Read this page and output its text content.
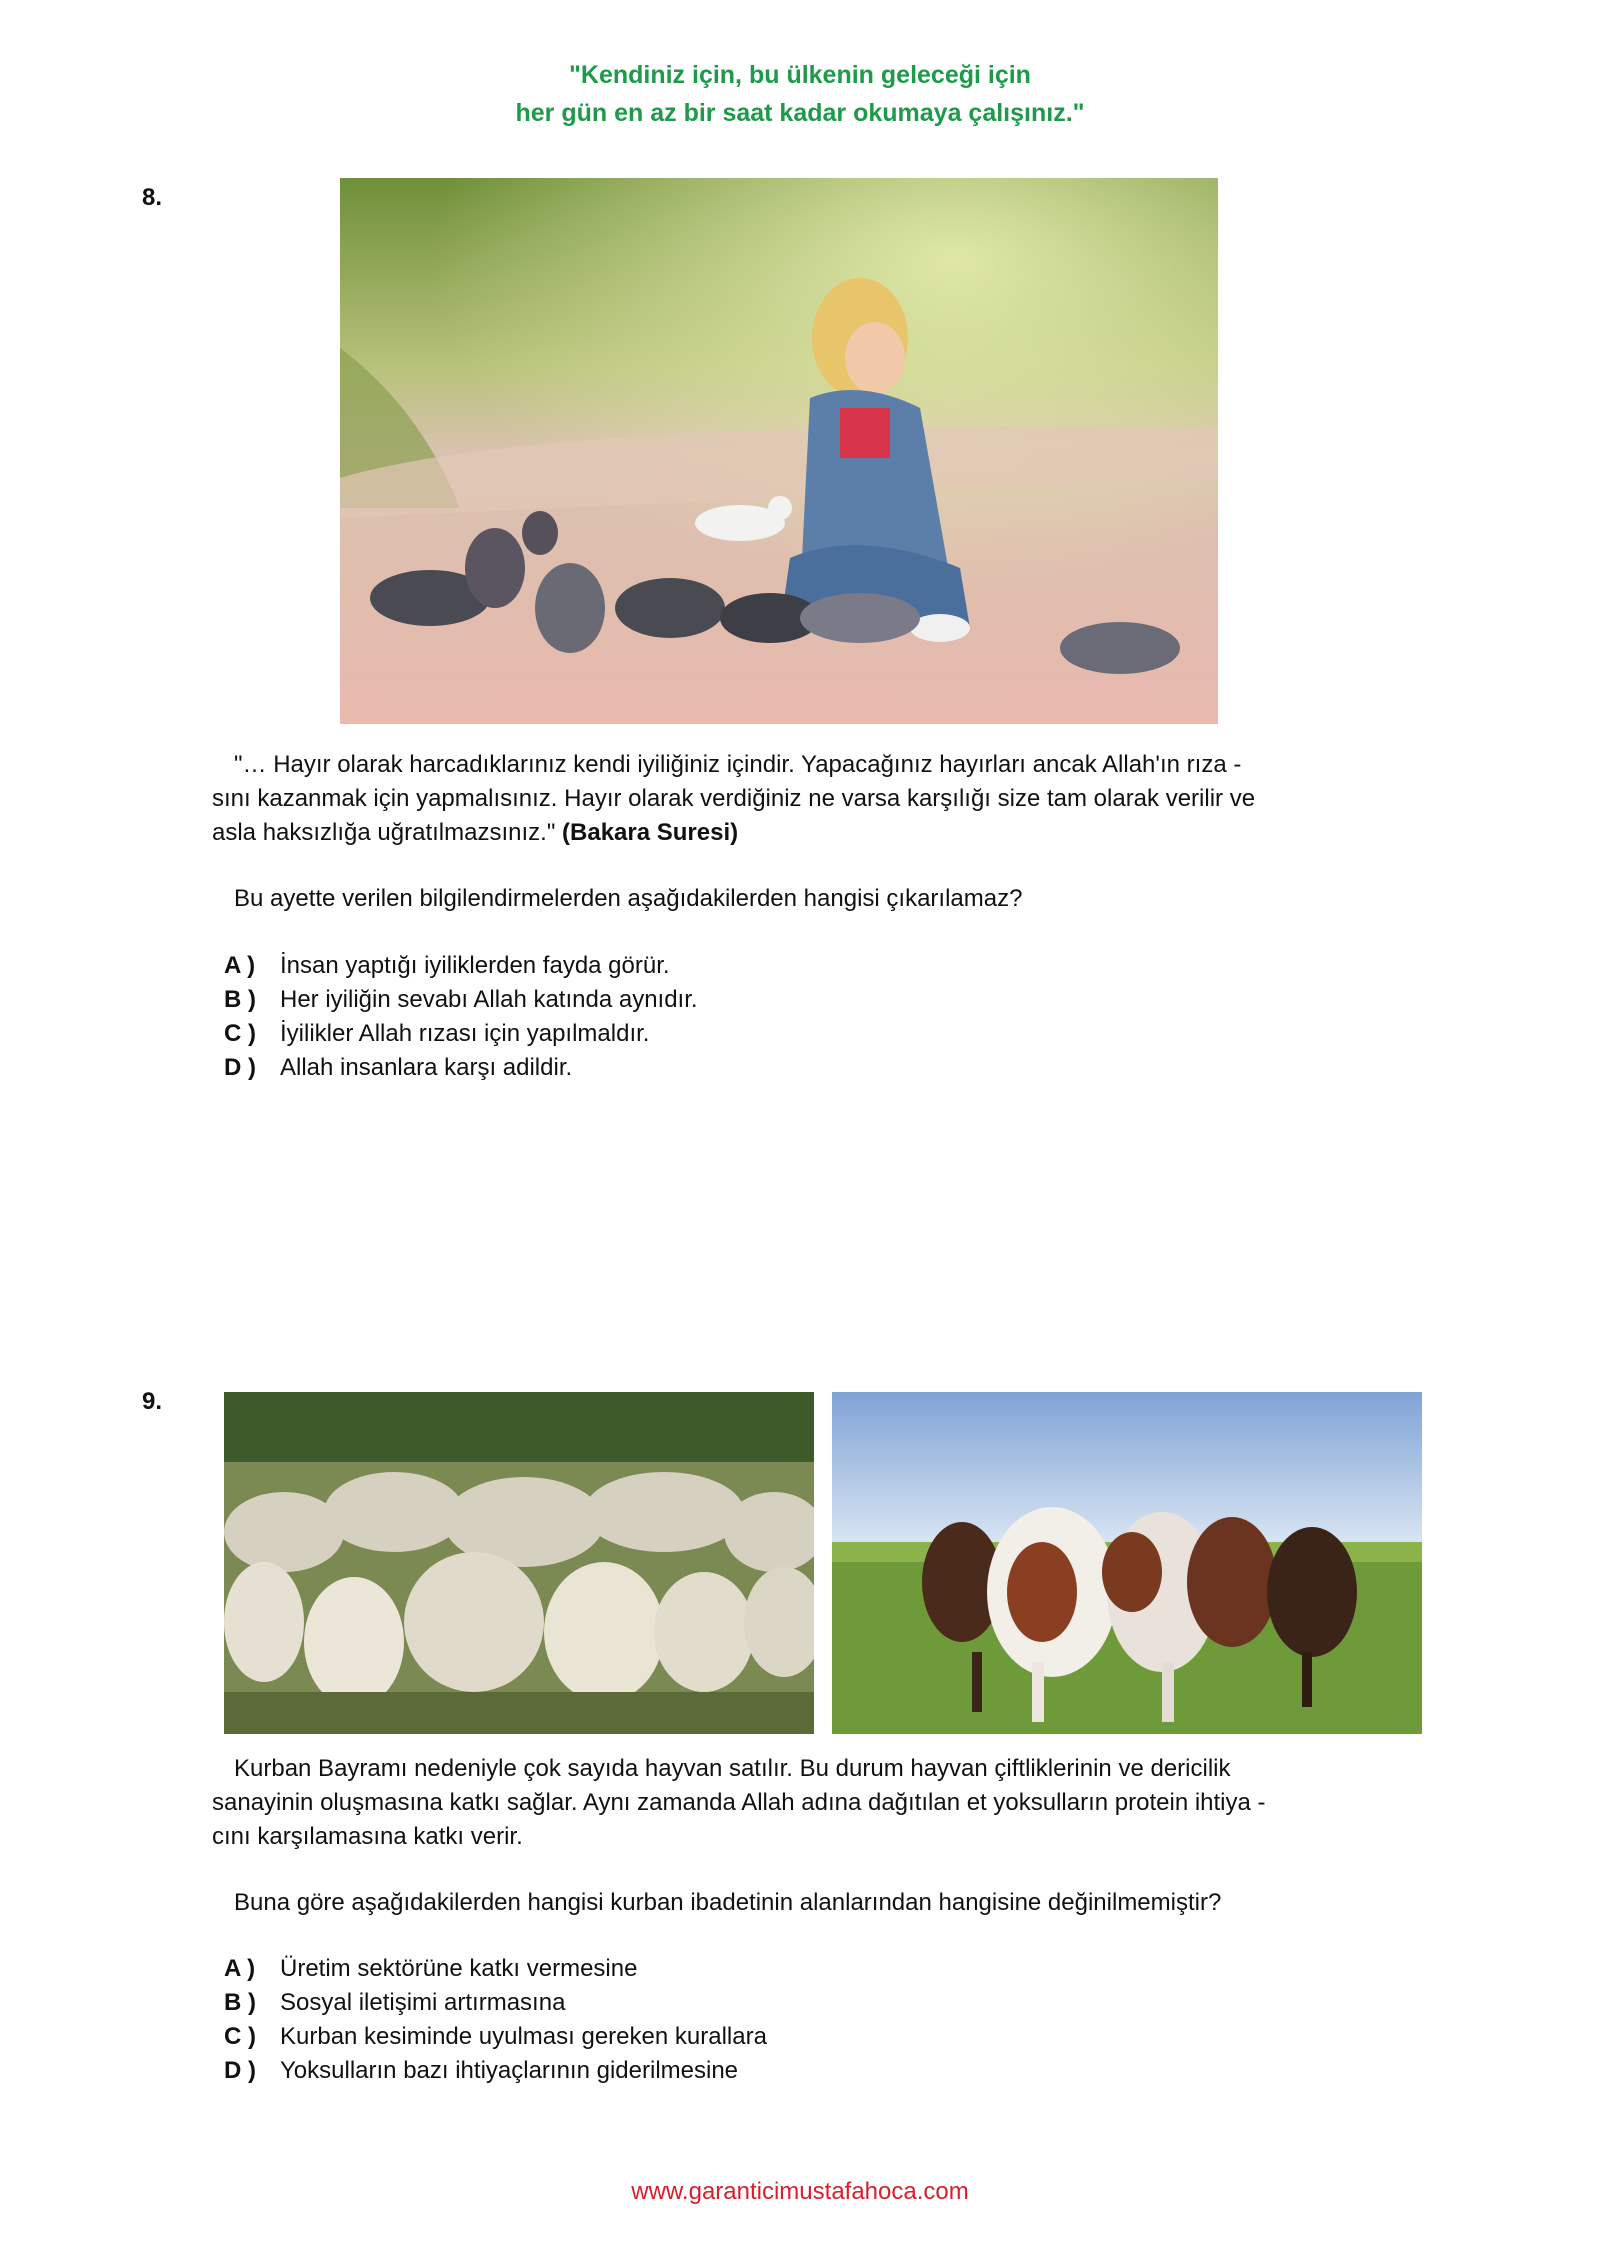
"Kendiniz için, bu ülkenin geleceği için
her gün en az bir saat kadar okumaya çalışınız."
8.
"… Hayır olarak harcadıklarınız kendi iyiliğiniz içindir. Yapacağınız hayırları ancak Allah'ın rıza -
sını kazanmak için yapmalısınız. Hayır olarak verdiğiniz ne varsa karşılığı size tam olarak verilir ve
asla haksızlığa uğratılmazsınız." (Bakara Suresi)
Bu ayette verilen bilgilendirmelerden aşağıdakilerden hangisi çıkarılamaz?
A )	İnsan yaptığı iyiliklerden fayda görür.
B )	Her iyiliğin sevabı Allah katında aynıdır.
C )	İyilikler Allah rızası için yapılmaldır.
D )	Allah insanlara karşı adildir.
9.
Kurban Bayramı nedeniyle çok sayıda hayvan satılır. Bu durum hayvan çiftliklerinin ve dericilik
sanayinin oluşmasına katkı sağlar. Aynı zamanda Allah adına dağıtılan et yoksulların protein ihtiya -
cını karşılamasına katkı verir.
Buna göre aşağıdakilerden hangisi kurban ibadetinin alanlarından hangisine değinilmemiştir?
A )	Üretim sektörüne katkı vermesine
B )	Sosyal iletişimi artırmasına
C )	Kurban kesiminde uyulması gereken kurallara
D )	Yoksulların bazı ihtiyaçlarının giderilmesine
www.garanticimustafahoca.com
